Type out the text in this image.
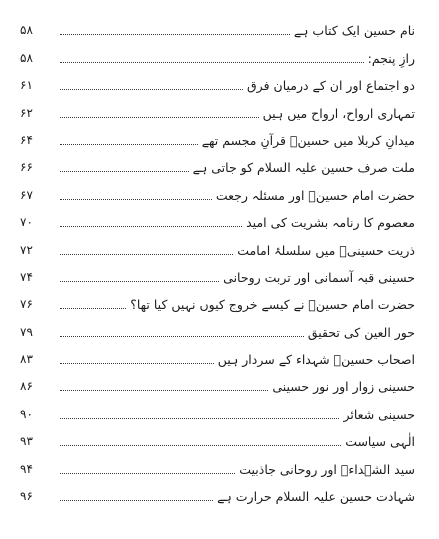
۵۸	نام حسین ایک کتاب ہے
۵۸	رازِ پنجم:
۶۱	دو اجتماع اور ان کے درمیان فرق
۶۲	تمہاری ارواح، ارواح میں ہیں
۶۴	میدانِ کربلا میں حسینؑ قرآنِ مجسم تھے
۶۶	ملت صرف حسین علیہ السلام کو جاتی ہے
۶۷	حضرت امام حسینؑ اور مسئلہ رجعت
۷۰	معصوم کا رنامہ بشریت کی امید
۷۲	ذریت حسینیؑ میں سلسلۂ امامت
۷۴	حسینی قبہ آسمانی اور تربت روحانی
۷۶	حضرت امام حسینؑ نے کیسے خروج کیوں نہیں کیا تھا؟
۷۹	حور العین کی تحقیق
۸۳	اصحاب حسینؑ شہداء کے سردار ہیں
۸۶	حسینی زوار اور نور حسینی
۹۰	حسینی شعائر
۹۳	الٰہی سیاست
۹۴	سید الشہداءؑ اور روحانی جاذبیت
۹۶	شہادت حسین علیہ السلام حرارت ہے
